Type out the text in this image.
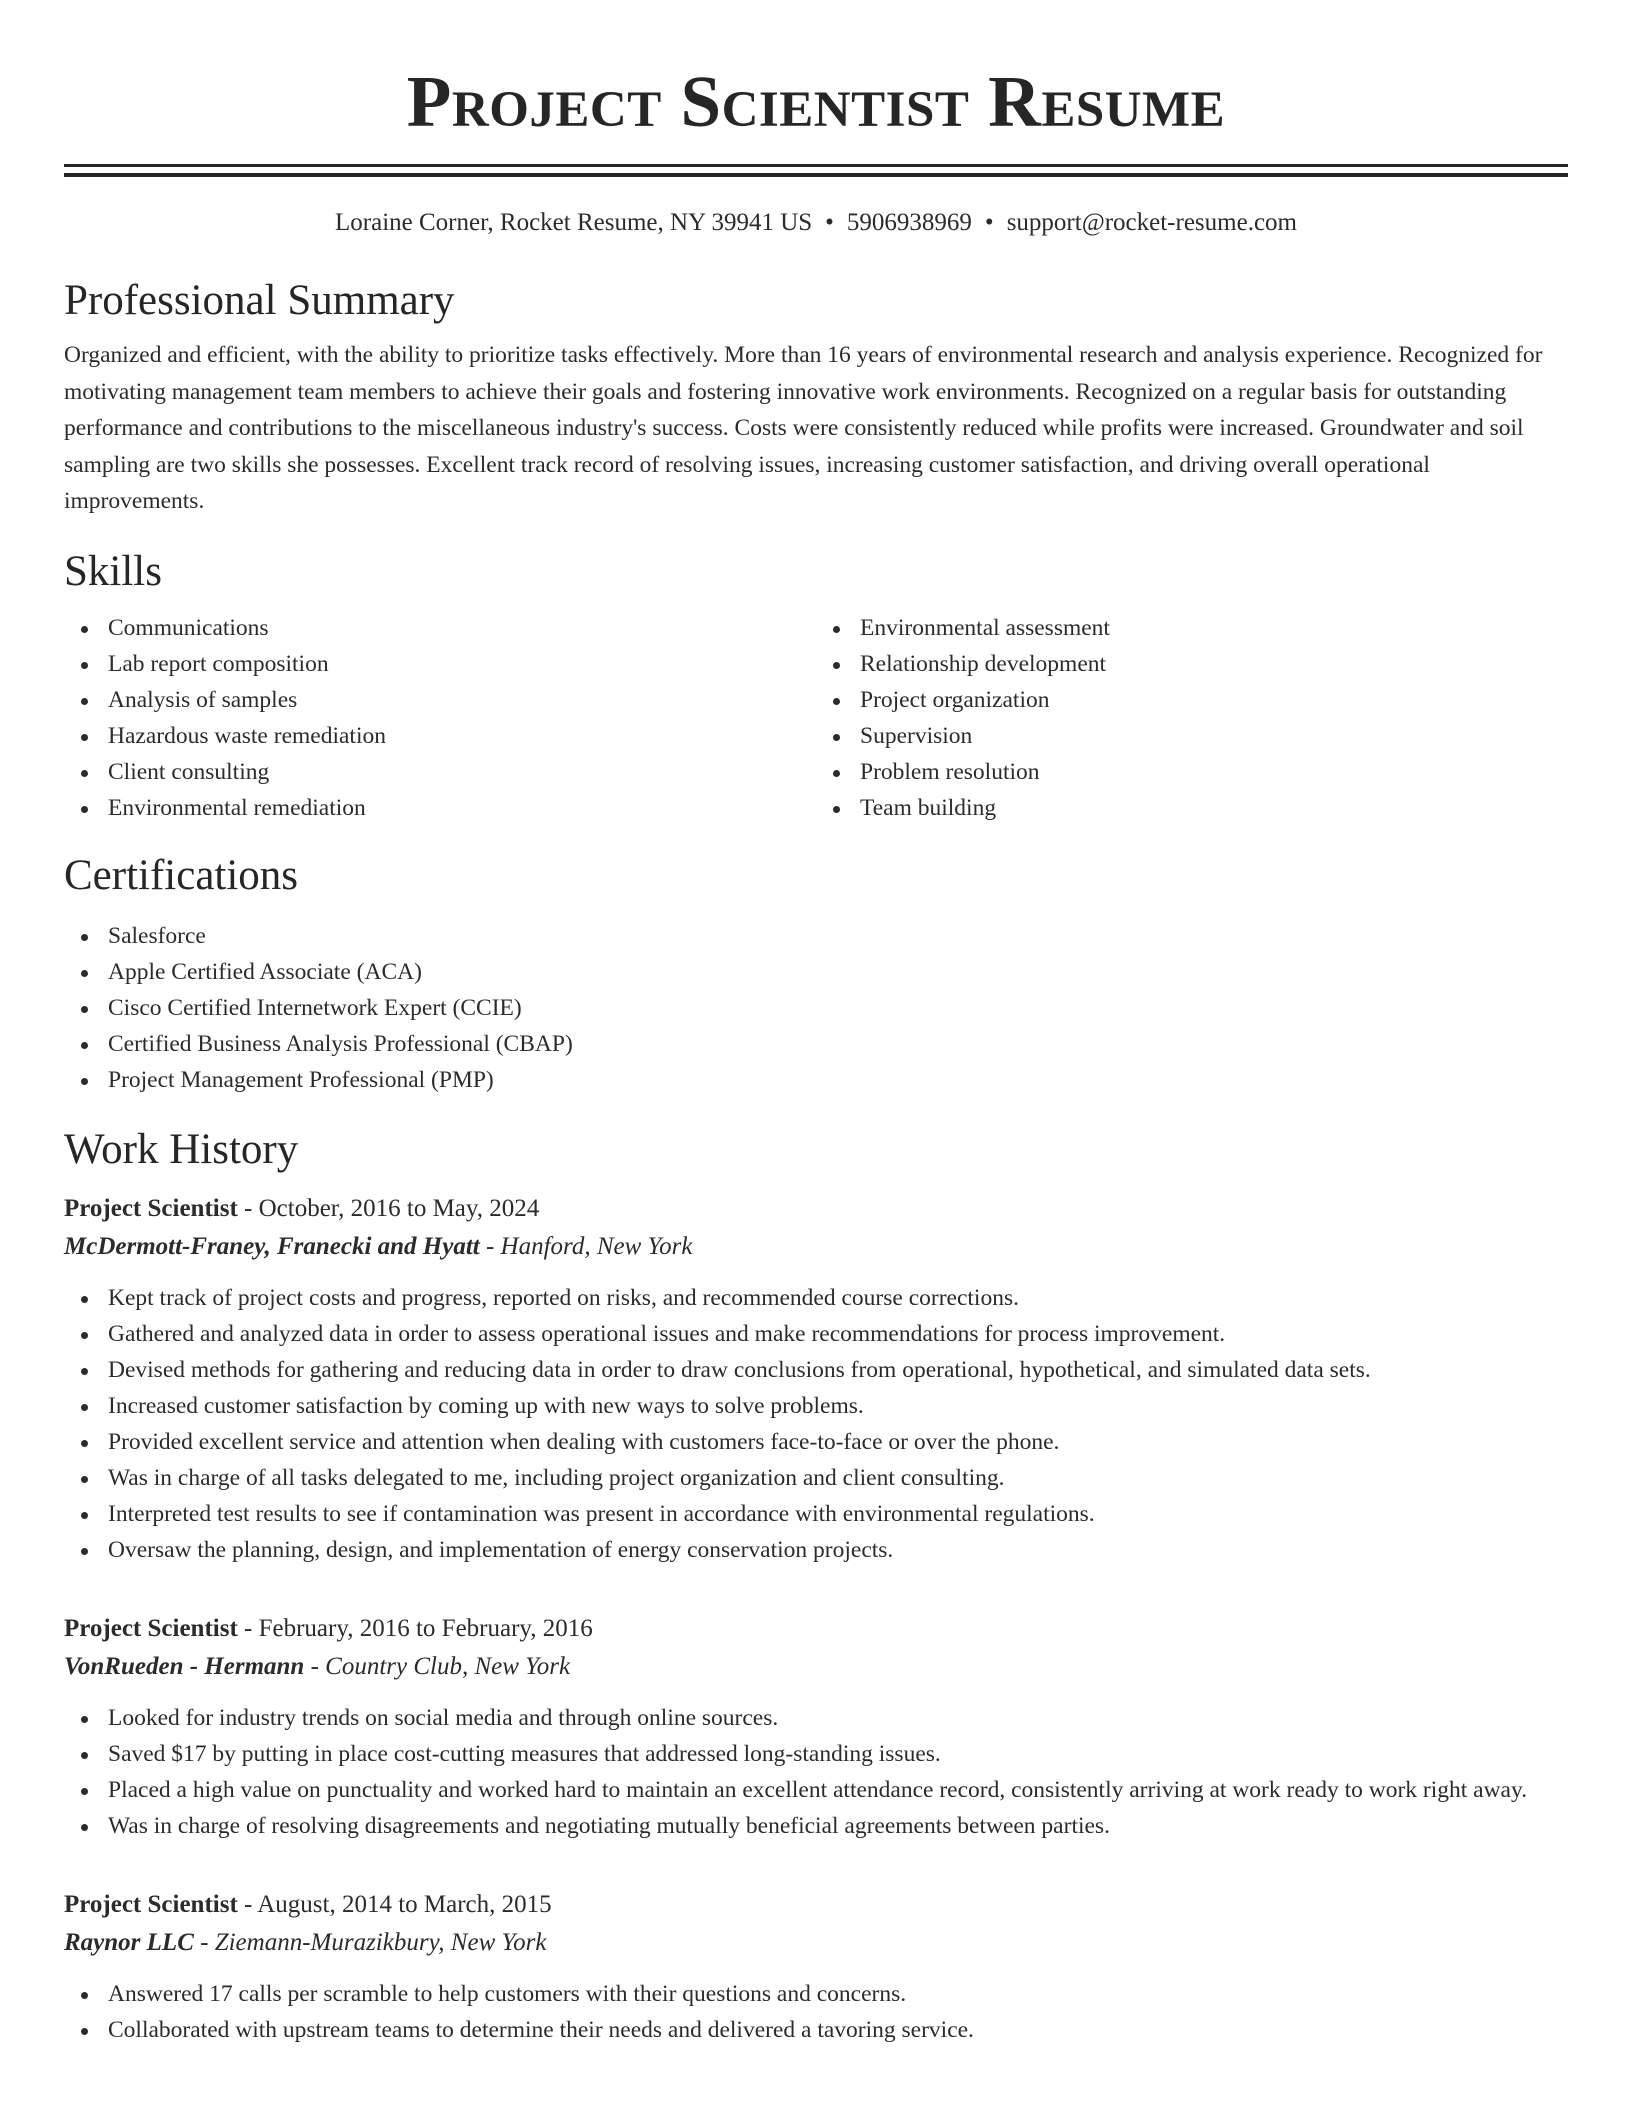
Project Scientist Resume
Loraine Corner, Rocket Resume, NY 39941 US • 5906938969 • support@rocket-resume.com
Professional Summary

Organized and efficient, with the ability to prioritize tasks effectively. More than 16 years of environmental research and analysis experience. Recognized for motivating management team members to achieve their goals and fostering innovative work environments. Recognized on a regular basis for outstanding performance and contributions to the miscellaneous industry's success. Costs were consistently reduced while profits were increased. Groundwater and soil sampling are two skills she possesses. Excellent track record of resolving issues, increasing customer satisfaction, and driving overall operational improvements.

Skills
Communications
Lab report composition
Analysis of samples
Hazardous waste remediation
Client consulting
Environmental remediation
Environmental assessment
Relationship development
Project organization
Supervision
Problem resolution
Team building
Certifications
Salesforce
Apple Certified Associate (ACA)
Cisco Certified Internetwork Expert (CCIE)
Certified Business Analysis Professional (CBAP)
Project Management Professional (PMP)
Work History
Project Scientist - October, 2016 to May, 2024
McDermott-Franey, Franecki and Hyatt - Hanford, New York
Kept track of project costs and progress, reported on risks, and recommended course corrections.
Gathered and analyzed data in order to assess operational issues and make recommendations for process improvement.
Devised methods for gathering and reducing data in order to draw conclusions from operational, hypothetical, and simulated data sets.
Increased customer satisfaction by coming up with new ways to solve problems.
Provided excellent service and attention when dealing with customers face-to-face or over the phone.
Was in charge of all tasks delegated to me, including project organization and client consulting.
Interpreted test results to see if contamination was present in accordance with environmental regulations.
Oversaw the planning, design, and implementation of energy conservation projects.
Project Scientist - February, 2016 to February, 2016
VonRueden - Hermann - Country Club, New York
Looked for industry trends on social media and through online sources.
Saved $17 by putting in place cost-cutting measures that addressed long-standing issues.
Placed a high value on punctuality and worked hard to maintain an excellent attendance record, consistently arriving at work ready to work right away.
Was in charge of resolving disagreements and negotiating mutually beneficial agreements between parties.
Project Scientist - August, 2014 to March, 2015
Raynor LLC - Ziemann-Murazikbury, New York
Answered 17 calls per scramble to help customers with their questions and concerns.
Collaborated with upstream teams to determine their needs and delivered a tavoring service.
